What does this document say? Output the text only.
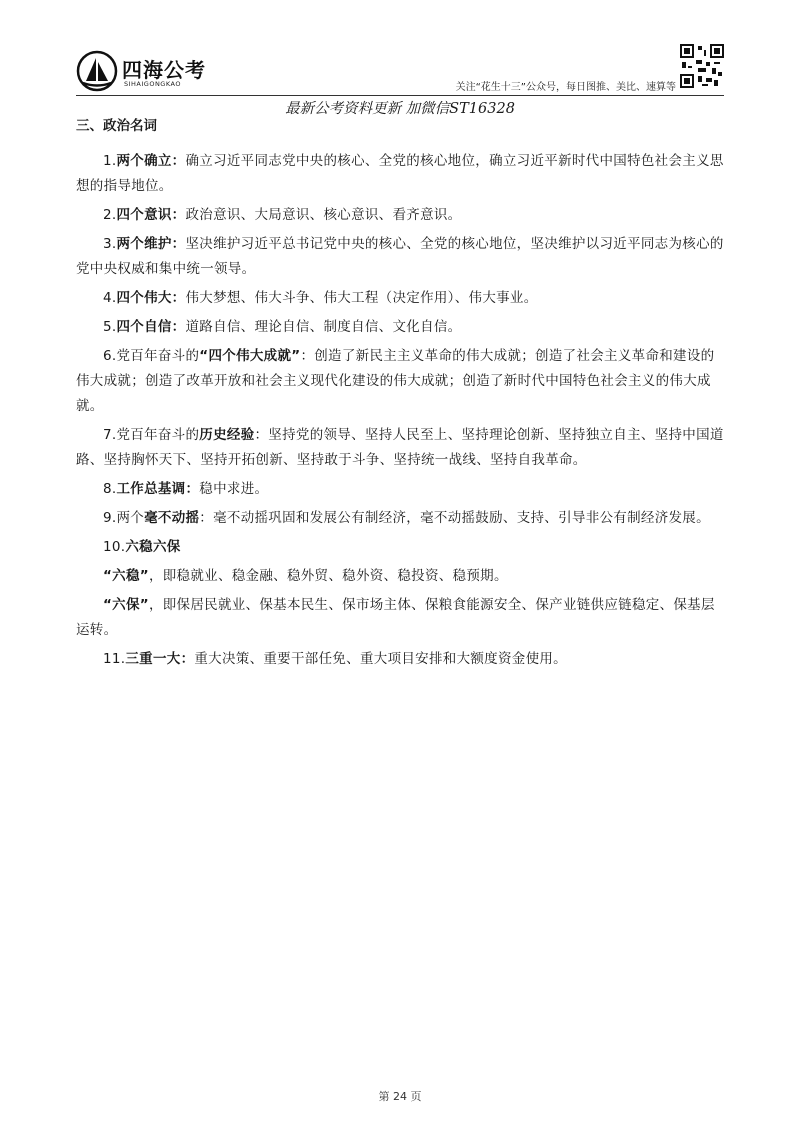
四海公考
SIHAIGONGKAO	关注“花生十三”公众号，每日图推、美比、速算等
最新公考资料更新 加微信ST16328
三、政治名词

1.两个确立：确立习近平同志党中央的核心、全党的核心地位，确立习近平新时代中国特色社会主义思想的指导地位。

2.四个意识：政治意识、大局意识、核心意识、看齐意识。

3.两个维护：坚决维护习近平总书记党中央的核心、全党的核心地位，坚决维护以习近平同志为核心的党中央权威和集中统一领导。

4.四个伟大：伟大梦想、伟大斗争、伟大工程（决定作用）、伟大事业。

5.四个自信：道路自信、理论自信、制度自信、文化自信。

6.党百年奋斗的“四个伟大成就”：创造了新民主主义革命的伟大成就；创造了社会主义革命和建设的伟大成就；创造了改革开放和社会主义现代化建设的伟大成就；创造了新时代中国特色社会主义的伟大成就。

7.党百年奋斗的历史经验：坚持党的领导、坚持人民至上、坚持理论创新、坚持独立自主、坚持中国道路、坚持胸怀天下、坚持开拓创新、坚持敢于斗争、坚持统一战线、坚持自我革命。

8.工作总基调：稳中求进。

9.两个毫不动摇：毫不动摇巩固和发展公有制经济，毫不动摇鼓励、支持、引导非公有制经济发展。

10.六稳六保

“六稳”，即稳就业、稳金融、稳外贸、稳外资、稳投资、稳预期。

“六保”，即保居民就业、保基本民生、保市场主体、保粮食能源安全、保产业链供应链稳定、保基层运转。

11.三重一大：重大决策、重要干部任免、重大项目安排和大额度资金使用。

第 24 页
